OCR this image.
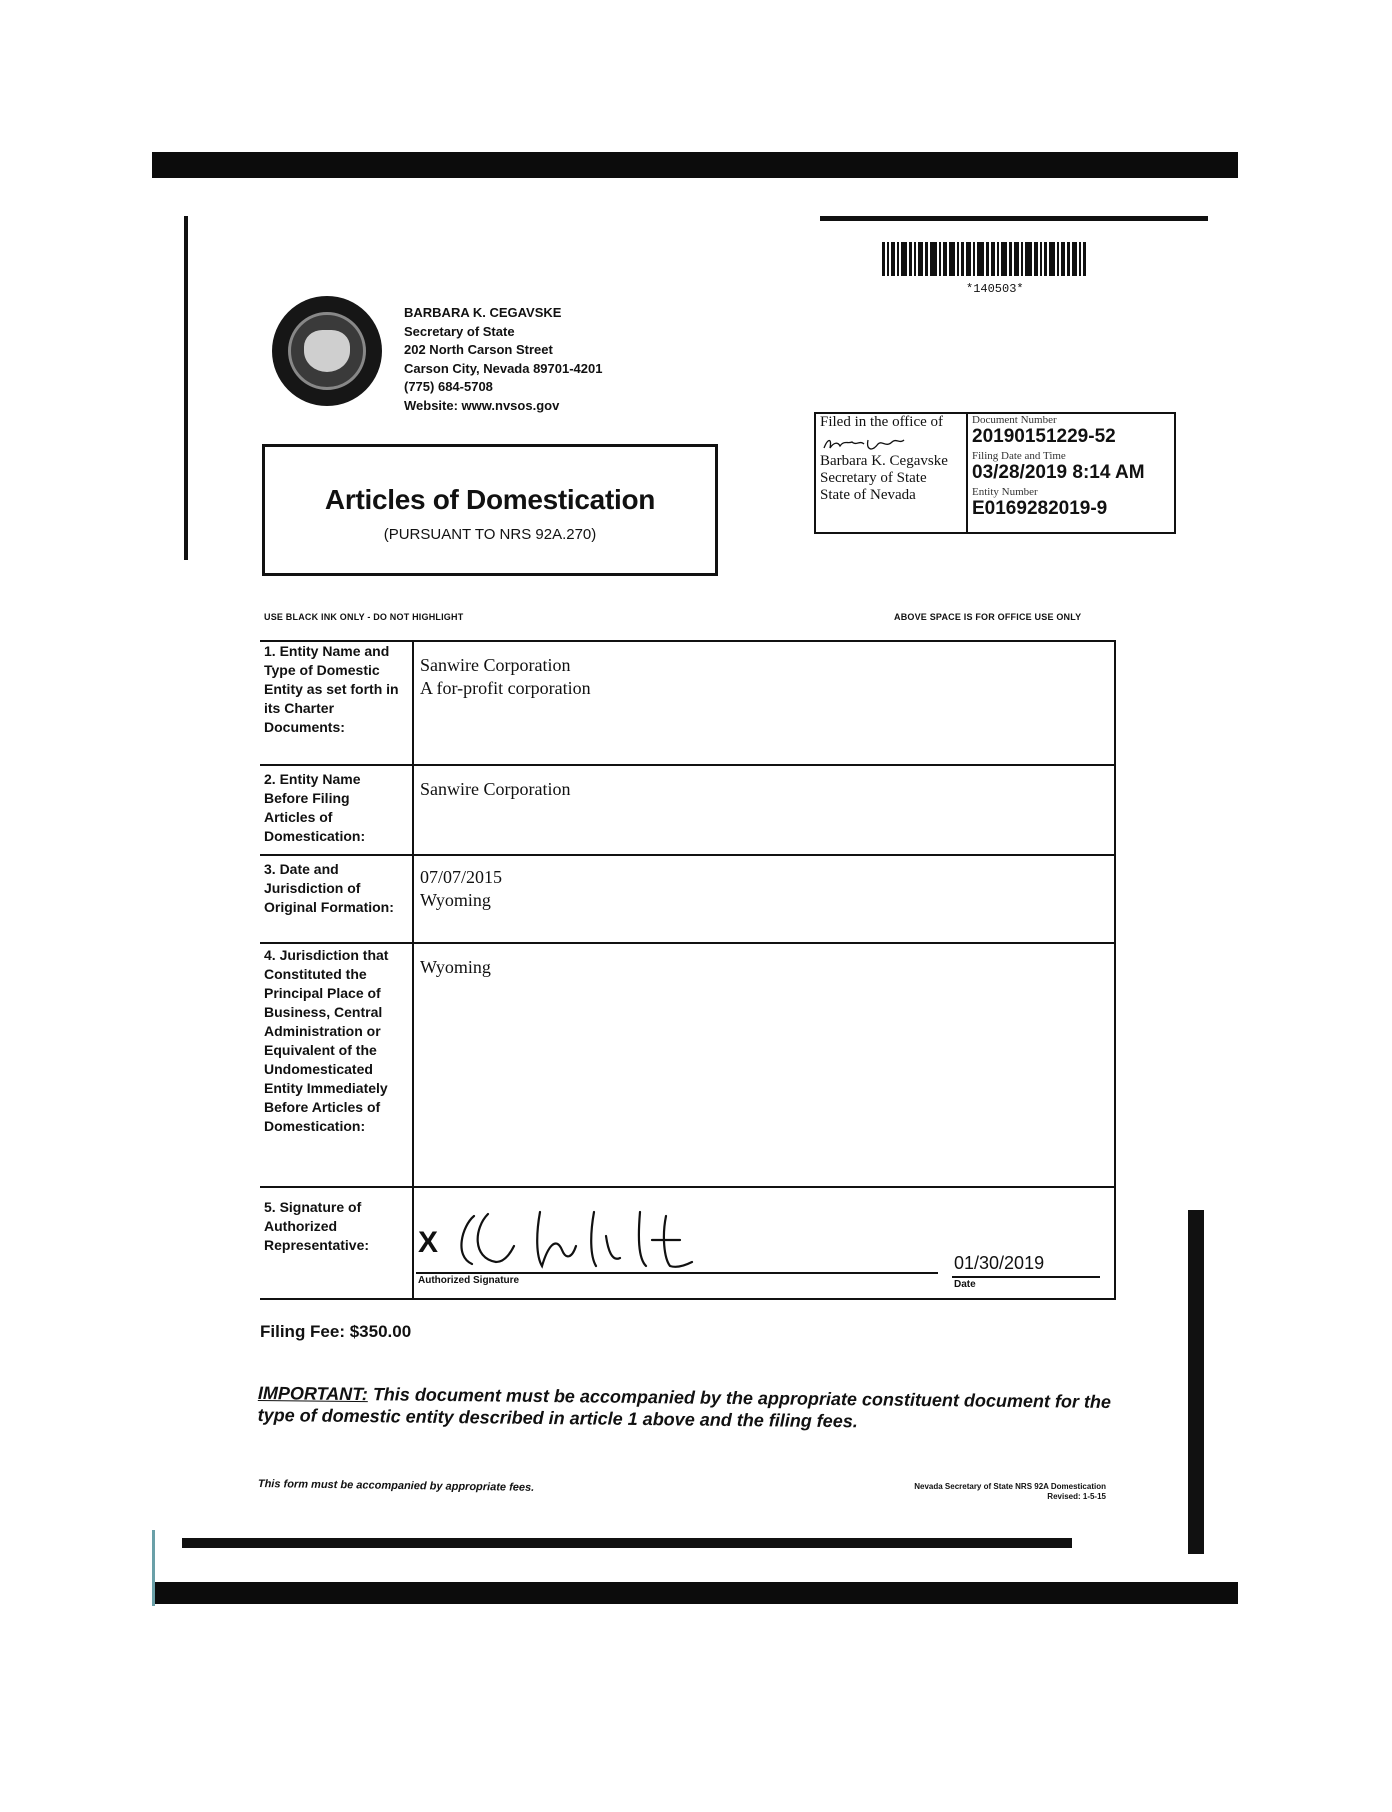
*140503*
BARBARA K. CEGAVSKE
Secretary of State
202 North Carson Street
Carson City, Nevada 89701-4201
(775) 684-5708
Website: www.nvsos.gov
Articles of Domestication
(PURSUANT TO NRS 92A.270)
Filed in the office of
Barbara K. Cegavske
Secretary of State
State of Nevada
Document Number
20190151229-52
Filing Date and Time
03/28/2019 8:14 AM
Entity Number
E0169282019-9
USE BLACK INK ONLY - DO NOT HIGHLIGHT	ABOVE SPACE IS FOR OFFICE USE ONLY
1. Entity Name and Type of Domestic Entity as set forth in its Charter Documents:
Sanwire Corporation
A for-profit corporation
2. Entity Name Before Filing Articles of Domestication:
Sanwire Corporation
3. Date and Jurisdiction of Original Formation:
07/07/2015
Wyoming
4. Jurisdiction that Constituted the Principal Place of Business, Central Administration or Equivalent of the Undomesticated Entity Immediately Before Articles of Domestication:
Wyoming
5. Signature of Authorized Representative:	X
Authorized Signature
01/30/2019
Date
Filing Fee: $350.00
IMPORTANT: This document must be accompanied by the appropriate constituent document for the type of domestic entity described in article 1 above and the filing fees.
This form must be accompanied by appropriate fees.	Nevada Secretary of State NRS 92A Domestication
Revised: 1-5-15
